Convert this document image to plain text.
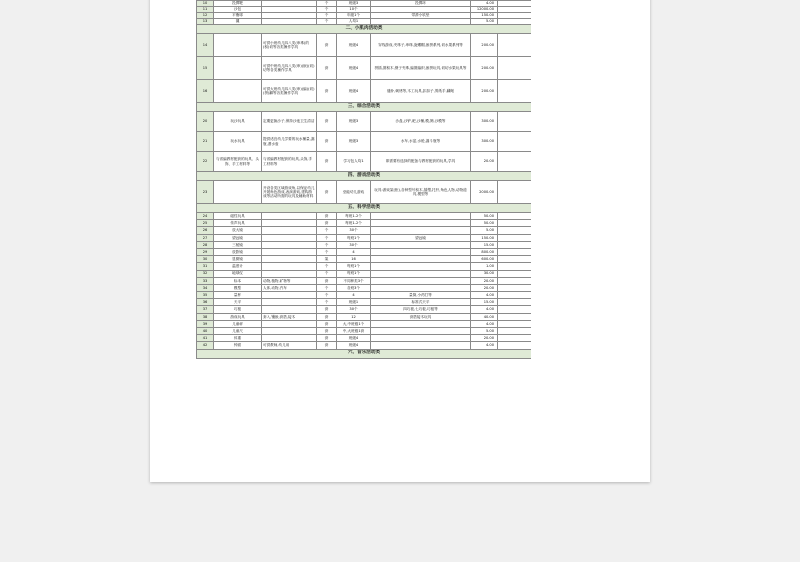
10	投掷靶		个	班级3	投掷环	4.00	
11	沙包		个	10个		12000.00	
12	平衡球		个	年级1个	带滑小软垫	150.00	
13	毽		个	人均1		5.00	
二、小肌肉活动类							
14		可供小班幼儿四八类(串珠)的(积)切等各类操作学具	套	班级4	穿线游戏,夹珠子,串珠,旋螺帽,嵌拼系列,切水果系列等	200.00	
15		可供中班幼儿四八类(串)(嵌)(切)切等各类操作学具	套	班级4	拼插,图积木,镊子夹珠,编图编织,嵌拼玩具,切切水果玩具等	200.00	
16		可供大班幼儿四八类(串)(编)(切)(拼)翻等各类操作学具	套	班级4	缝补,刺绣等,木工玩具,扣扣子,剪纸手,翻绳	200.00	
三、综合活动类							
20	玩沙玩具	定期更换沙子,保持沙池卫生清洁	套	班级3	沙盘,沙铲,耙,沙桶,模,筛,沙模等	300.00	
21	玩水玩具	提供适宜幼儿学要的玩水桶量,漏瓶,洒水壶	套	班级3	水车,水盆,水枪,漏斗瓶等	300.00	
22	与省编教材配套的玩具、头饰、手工材料等	与省编教材配套的玩具,头饰,手工材料等	套	学习包人均1	即需要有选择的配备与教材配套的玩具,学具	20.00	
四、游戏活动类							
23		开设各类区域游戏角,以保证幼儿开展角色游戏,表演游戏,建构游戏等活动所需的玩具及辅助材料	套	至能幼儿游戏	玩具:游戏架(柜),各种型号积木,插塑,托杆,角色人物,动物道具,模型等	2000.00	
五、科学活动类							
24	磁性玩具		套	每班1-2个		50.00	
25	传声玩具		套	每班1-2个		50.00	
26	放大镜		个	30个		5.00	
27	望远镜		个	每班1个	望远镜	150.00	
28	三棱镜		个	30个		15.00	
29	放影镜		个	4		800.00	
30	显微镜		架	16		600.00	
31	温度计		个	每班1个		1.00	
32	地球仪		个	每班1个		30.00	
33	标本	动物,植物,矿物等	套	不同种类3个		20.00	
34	模型	人体,动物,汽车	个	各班3个		20.00	
35	量杯		个	4	量筒,小药打等	4.00	
36	天平		个	班级1	标准式天平	15.00	
37	巧板		套	30个	四巧板,七巧板,巧板等	4.00	
38	游戏玩具	套入,镶嵌,套搭,接木	套	12	套搭接木玩具	40.00	
39	儿童秤		套	大,中班级1个		4.00	
40	儿童尺		套	中,大班级1套		5.00	
41	体重		套	班级4		20.00	
42	钟面	可供教师,幼儿用	套	班级4		4.00	
六、音乐活动类							
